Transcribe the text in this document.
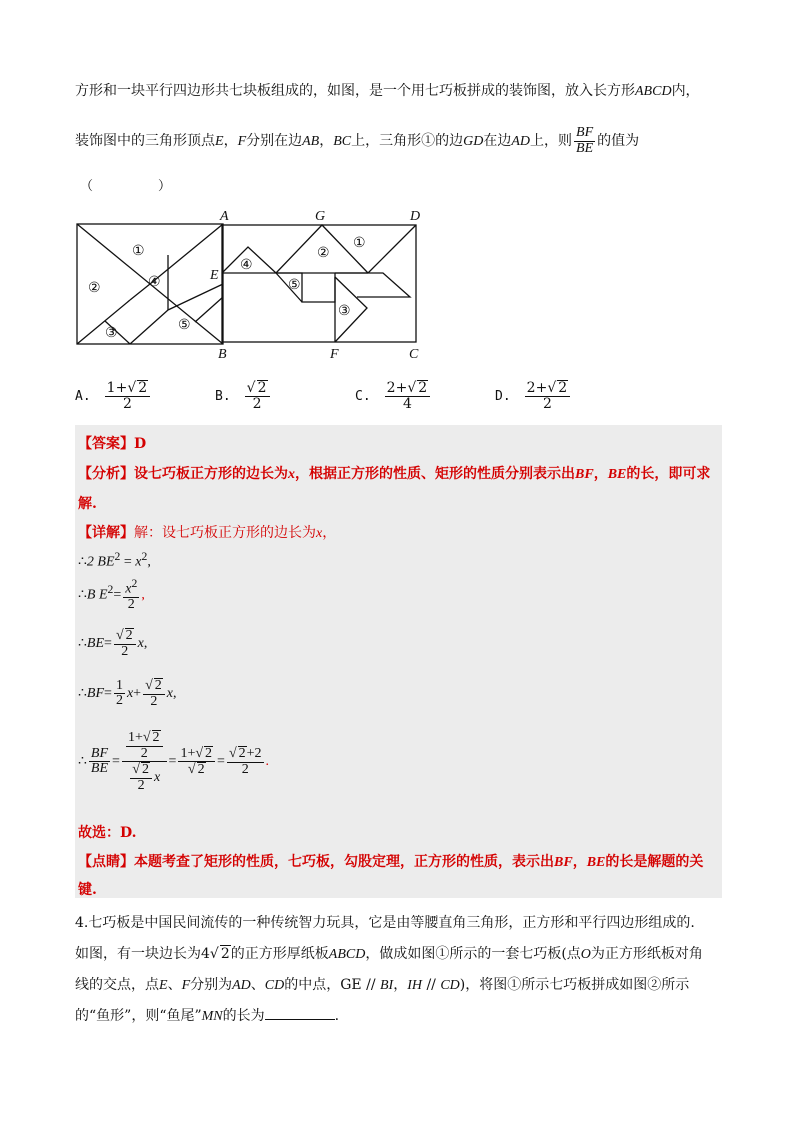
方形和一块平行四边形共七块板组成的，如图，是一个用七巧板拼成的装饰图，放入长方形ABCD内，
装饰图中的三角形顶点E，F分别在边AB，BC上，三角形①的边GD在边AD上，则 $\frac{BF}{BE}$ 的值为
（　　　　　）
①
②	④
③
⑤
A	G	D
E
B	F	C
①
②
③
④
⑤
A. $\frac{1+√ 2}{2}$	B. $\frac{√ 2}{2}$	C. $\frac{2+√ 2}{4}$	D. $\frac{2+√ 2}{2}$
【答案】D
【分析】设七巧板正方形的边长为x，根据正方形的性质、矩形的性质分别表示出BF，BE的长，即可求
解.
【详解】解：设七巧板正方形的边长为x，
∴2 $BE^2 = x^2$,
∴B $E^2= \frac{x^2}{2}$ ,
∴BE= $\frac{√ 2}{2} x$,
∴BF= $\frac{1}{2} x+ \frac{√ 2}{2} x$,
∴ $\frac{BF}{BE} = \frac{\frac{1+√ 2}{2}}{\frac{√ 2}{2} x} = \frac{1+√ 2}{√ 2} = \frac{√ 2+2}{2}$ .
故选：D.
【点睛】本题考查了矩形的性质，七巧板，勾股定理，正方形的性质，表示出BF，BE的长是解题的关
键.
4.七巧板是中国民间流传的一种传统智力玩具，它是由等腰直角三角形，正方形和平行四边形组成的.
如图，有一块边长为4√ 2的正方形厚纸板ABCD，做成如图①所示的一套七巧板(点O为正方形纸板对角
线的交点，点E、F分别为AD、CD的中点，GE // BI，IH // CD)，将图①所示七巧板拼成如图②所示
的“鱼形”，则“鱼尾”MN的长为	.
